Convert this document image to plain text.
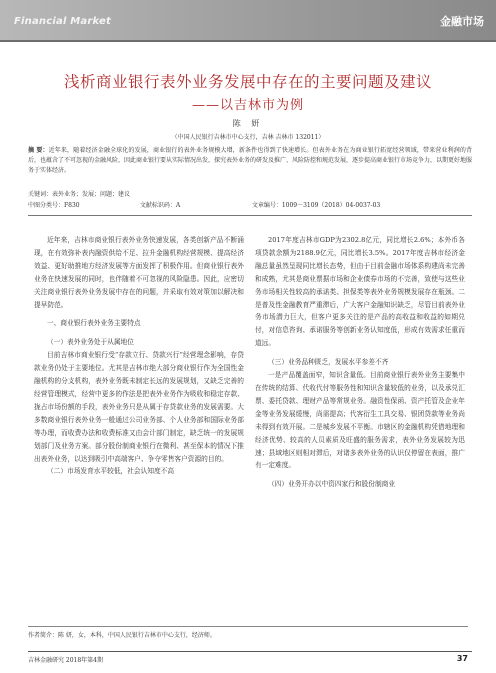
Financial Market	金融市场
浅析商业银行表外业务发展中存在的主要问题及建议
——以吉林市为例
陈 妍
（中国人民银行吉林市中心支行，吉林 吉林市 132011）
摘 要：近年来，随着经济金融全球化的发展，商业银行的表外业务规模大增，新条件也得到了快速增长。但表外业务在为商业银行拓宽经营领域，带来营业利润的背后，也蕴含了不可忽视的金融风险，因此商业银行要从实际情况出发，探究表外业务的研发及推广、风险防控和规范发展，逐步提高商业银行市场竞争力，以期更好地服务于实体经济。
关键词：表外业务；发展；问题；建议
中图分类号：F830	文献标识码：A	文章编号：1009－3109（2018）04-0037-03

近年来，吉林市商业银行表外业务快速发展，各类创新产品不断涌现，在有效弥补表内融资供给不足、拉升金融机构经营规模、提高经济效益、更好助推地方经济发展等方面发挥了积极作用。但商业银行表外业务在快速发展的同时，也伴随着不可忽视的风险隐患。因此，应密切关注商业银行表外业务发展中存在的问题，并采取有效对策加以解决和提早防范。

一、商业银行表外业务主要特点
（一）表外业务处于从属地位

目前吉林市商业银行受“存款立行、贷款兴行”经营理念影响，存贷款业务仍处于主要地位。尤其是吉林市绝大部分商业银行作为全国性金融机构的分支机构，表外业务既未制定长远的发展规划，又缺乏完善的经营管理模式，经营中更多的作法是把表外业务作为吸收和稳定存款、拢占市场份额的手段，表外业务只是从属于存贷款业务的发展需要。大多数商业银行表外业务一般通过公司业务部、个人业务部和国际业务部等办理，而收费办法和收费标准又由会计部门制定，缺乏统一的发展规划部门及业务方案。部分股份制商业银行在微利、甚至保本的情况下推出表外业务，以达到吸引中高端客户、争夺零售客户资源的目的。

（二）市场发育水平较低，社会认知度不高

2017年度吉林市GDP为2302.8亿元，同比增长2.6%；本外币各项贷款余额为2188.9亿元，同比增长3.5%。2017年度吉林市经济金融总量虽然呈现同比增长态势，但由于目前金融市场体系构建尚未完善和成熟，尤其是商业票据市场和企业债券市场的不完善，致使与这些业务市场相关性较高的承诺类、担保类等表外业务规模发展存在瓶颈。二是普及性金融教育严重滞后，广大客户金融知识缺乏，尽管目前表外业务市场潜力巨大，但客户更多关注的是产品的高收益和收益的如期兑付，对信息咨询、承诺服务等创新业务认知度低，形成有效需求任重而道远。

（三）业务品种匮乏，发展水平参差不齐

一是产品覆盖面窄，知识含量低。目前商业银行表外业务主要集中在传统的结算、代收代付等服务性和知识含量较低的业务，以及承兑汇票、委托贷款、理财产品等常规业务。融资性保函、资产托管及企业年金等业务发展缓慢，尚需提高；代客衍生工具交易、银团贷款等业务尚未得到有效开展。二是城乡发展不平衡。市辖区的金融机构凭借地理和经济优势、较高的人员素质及旺盛的服务需求，表外业务发展较为迅速；县域地区则相对滞后，对诸多表外业务的认识仅停留在表面，推广有一定难度。

（四）业务开办以中资四家行和股份制商业
作者简介：陈 妍，女，本科，中国人民银行吉林市中心支行，经济师。
吉林金融研究 2018年第4期	37
